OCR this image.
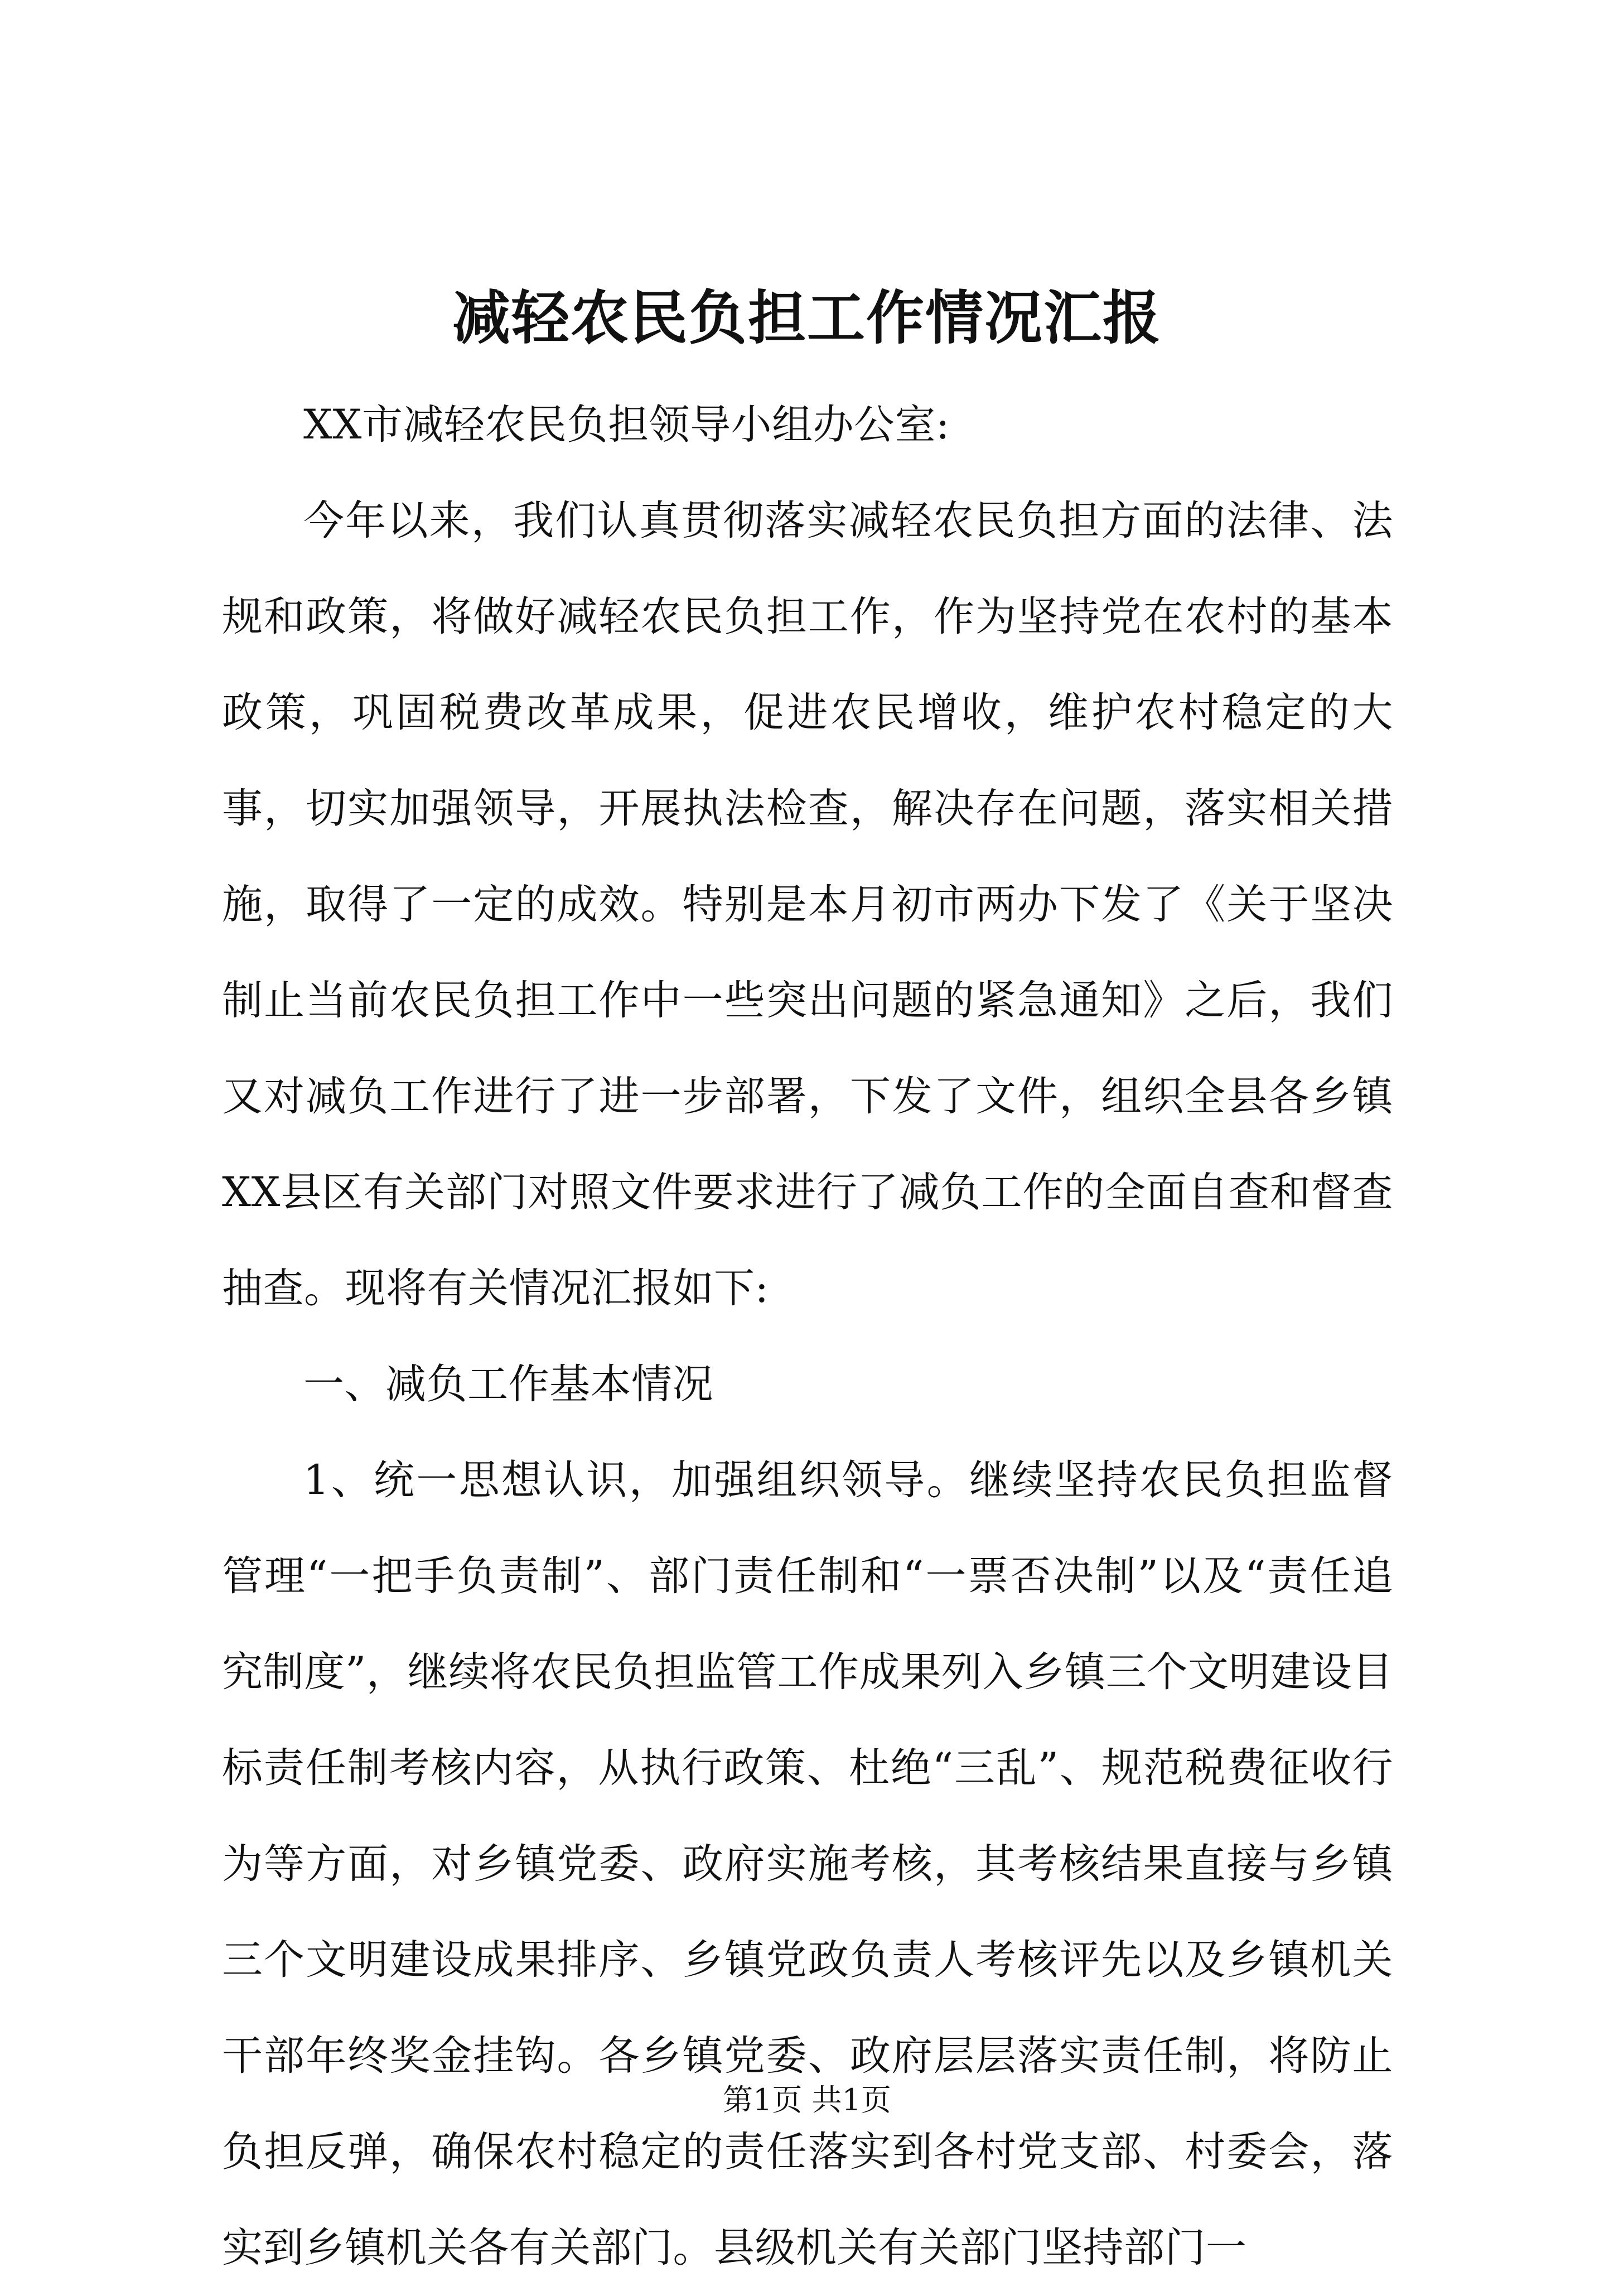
减轻农民负担工作情况汇报

XX市减轻农民负担领导小组办公室:

今年以来，我们认真贯彻落实减轻农民负担方面的法律、法规和政策，将做好减轻农民负担工作，作为坚持党在农村的基本政策，巩固税费改革成果，促进农民增收，维护农村稳定的大事，切实加强领导，开展执法检查，解决存在问题，落实相关措施，取得了一定的成效。特别是本月初市两办下发了《关于坚决制止当前农民负担工作中一些突出问题的紧急通知》之后，我们又对减负工作进行了进一步部署，下发了文件，组织全县各乡镇XX县区有关部门对照文件要求进行了减负工作的全面自查和督查抽查。现将有关情况汇报如下:

一、减负工作基本情况

1、统一思想认识，加强组织领导。继续坚持农民负担监督管理“一把手负责制”、部门责任制和“一票否决制”以及“责任追究制度”，继续将农民负担监管工作成果列入乡镇三个文明建设目标责任制考核内容，从执行政策、杜绝“三乱”、规范税费征收行为等方面，对乡镇党委、政府实施考核，其考核结果直接与乡镇三个文明建设成果排序、乡镇党政负责人考核评先以及乡镇机关干部年终奖金挂钩。各乡镇党委、政府层层落实责任制，将防止负担反弹，确保农村稳定的责任落实到各村党支部、村委会，落实到乡镇机关各有关部门。县级机关有关部门坚持部门一

第1页 共1页
